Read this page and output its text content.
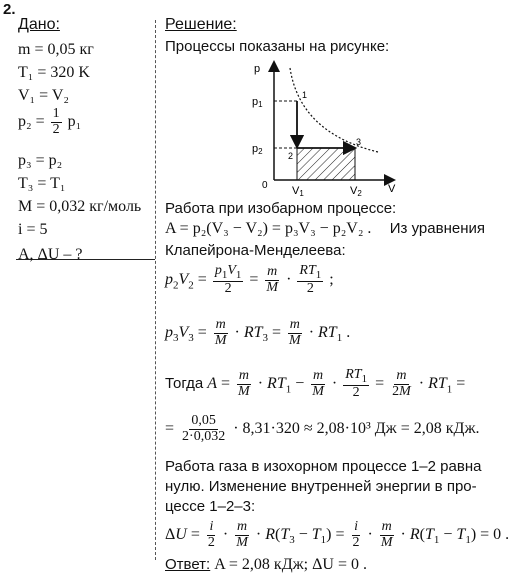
2.
Дано:
m = 0,05 кг
T₁ = 320 K
V₁ = V₂
$p_2 = \frac{1}{2} p_1$
p₃ = p₂
T₃ = T₁
M = 0,032 кг/моль
i = 5
A, ΔU – ?
Решение:
Процессы показаны на рисунке:
Работа при изобарном процессе:
A = p₂(V₃ − V₂) = p₃V₃ − p₂V₂ . Из уравнения
Клапейрона-Менделеева:
$p_2V_2 = \frac{p_1V_1}{2} = \frac{m}{M} \cdot \frac{RT_1}{2}$ ;
$p_3V_3 = \frac{m}{M} \cdot RT_3 = \frac{m}{M} \cdot RT_1$ .
Тогда $A = \frac{m}{M} \cdot RT_1 - \frac{m}{M} \cdot \frac{RT_1}{2} = \frac{m}{2M} \cdot RT_1$ =
= $\frac{0,05}{2\cdot 0,032} \cdot 8,31\cdot 320 \approx 2,08\cdot 10^3$ Дж = 2,08 кДж.
Работа газа в изохорном процессе 1–2 равна
нулю. Изменение внутренней энергии в про-
цессе 1–2–3:
$\Delta U = \frac{i}{2} \cdot \frac{m}{M} \cdot R(T_3 - T_1) = \frac{i}{2} \cdot \frac{m}{M} \cdot R(T_1 - T_1) = 0$ .
Ответ: A = 2,08 кДж; ΔU = 0 .
p
V
0
p1
p2
V1	V2
1
2
3
